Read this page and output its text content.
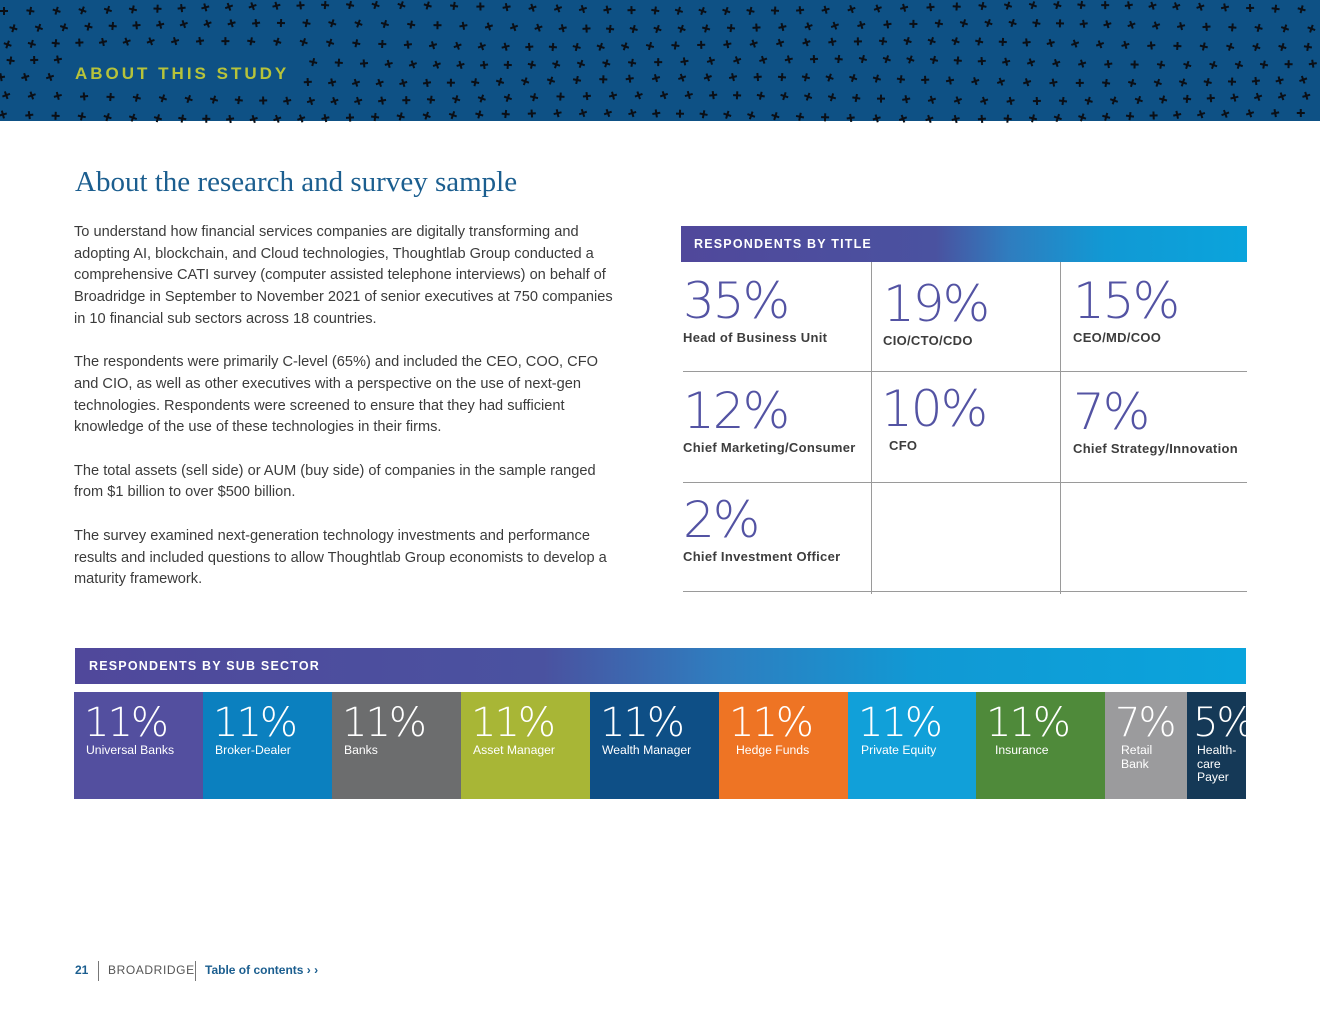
ABOUT THIS STUDY
About the research and survey sample

To understand how financial services companies are digitally transforming and adopting AI, blockchain, and Cloud technologies, Thoughtlab Group conducted a comprehensive CATI survey (computer assisted telephone interviews) on behalf of Broadridge in September to November 2021 of senior executives at 750 companies in 10 financial sub sectors across 18 countries.

The respondents were primarily C-level (65%) and included the CEO, COO, CFO and CIO, as well as other executives with a perspective on the use of next-gen technologies. Respondents were screened to ensure that they had sufficient knowledge of the use of these technologies in their firms.

The total assets (sell side) or AUM (buy side) of companies in the sample ranged from $1 billion to over $500 billion.

The survey examined next-generation technology investments and performance results and included questions to allow Thoughtlab Group economists to develop a maturity framework.

RESPONDENTS BY TITLE
35%
Head of Business Unit
19%
CIO/CTO/CDO
15%
CEO/MD/COO
12%
Chief Marketing/Consumer
10%
CFO
7%
Chief Strategy/Innovation
2%
Chief Investment Officer
RESPONDENTS BY SUB SECTOR
11%
Universal Banks
11%
Broker-Dealer
11%
Banks
11%
Asset Manager
11%
Wealth Manager
11%
Hedge Funds
11%
Private Equity
11%
Insurance
7%
Retail Bank
5%
Health-care Payer
21 BROADRIDGE Table of contents › ›
